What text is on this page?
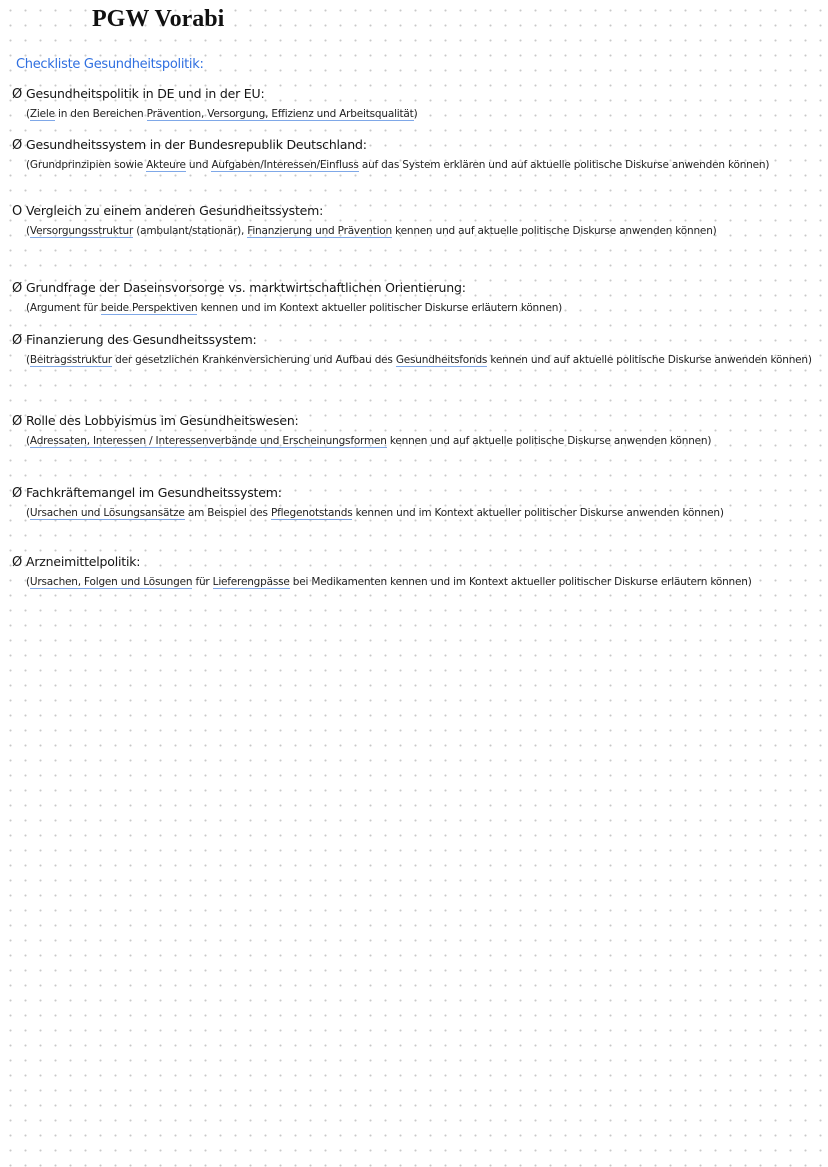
PGW Vorabi
Checkliste Gesundheitspolitik:
Ø Gesundheitspolitik in DE und in der EU:
(Ziele in den Bereichen Prävention, Versorgung, Effizienz und Arbeitsqualität)
Ø Gesundheitssystem in der Bundesrepublik Deutschland:
(Grundprinzipien sowie Akteure und Aufgaben/Interessen/Einfluss auf das System erklären und auf aktuelle politische Diskurse anwenden können)
O Vergleich zu einem anderen Gesundheitssystem:
(Versorgungsstruktur (ambulant/stationär), Finanzierung und Prävention kennen und auf aktuelle politische Diskurse anwenden können)
Ø Grundfrage der Daseinsvorsorge vs. marktwirtschaftlichen Orientierung:
(Argument für beide Perspektiven kennen und im Kontext aktueller politischer Diskurse erläutern können)
Ø Finanzierung des Gesundheitssystem:
(Beitragsstruktur der gesetzlichen Krankenversicherung und Aufbau des Gesundheitsfonds kennen und auf aktuelle politische Diskurse anwenden können)
Ø Rolle des Lobbyismus im Gesundheitswesen:
(Adressaten, Interessen / Interessenverbände und Erscheinungsformen kennen und auf aktuelle politische Diskurse anwenden können)
Ø Fachkräftemangel im Gesundheitssystem:
(Ursachen und Lösungsansätze am Beispiel des Pflegenotstands kennen und im Kontext aktueller politischer Diskurse anwenden können)
Ø Arzneimittelpolitik:
(Ursachen, Folgen und Lösungen für Lieferengpässe bei Medikamenten kennen und im Kontext aktueller politischer Diskurse erläutern können)
